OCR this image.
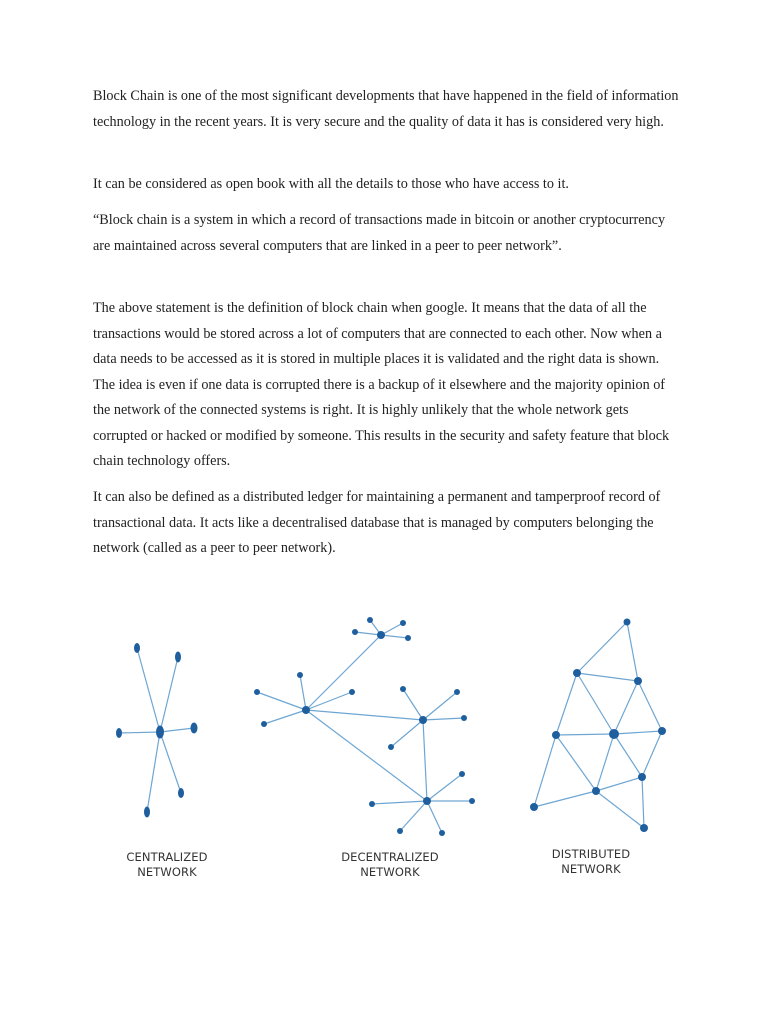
Block Chain is one of the most significant developments that have happened in the field of information technology in the recent years. It is very secure and the quality of data it has is considered very high.

It can be considered as open book with all the details to those who have access to it.

“Block chain is a system in which a record of transactions made in bitcoin or another cryptocurrency are maintained across several computers that are linked in a peer to peer network”.

The above statement is the definition of block chain when google. It means that the data of all the transactions would be stored across a lot of computers that are connected to each other. Now when a data needs to be accessed as it is stored in multiple places it is validated and the right data is shown. The idea is even if one data is corrupted there is a backup of it elsewhere and the majority opinion of the network of the connected systems is right. It is highly unlikely that the whole network gets corrupted or hacked or modified by someone. This results in the security and safety feature that block chain technology offers.

It can also be defined as a distributed ledger for maintaining a permanent and tamperproof record of transactional data. It acts like a decentralised database that is managed by computers belonging the network (called as a peer to peer network).

CENTRALIZED
NETWORK
DECENTRALIZED
NETWORK
DISTRIBUTED
NETWORK
